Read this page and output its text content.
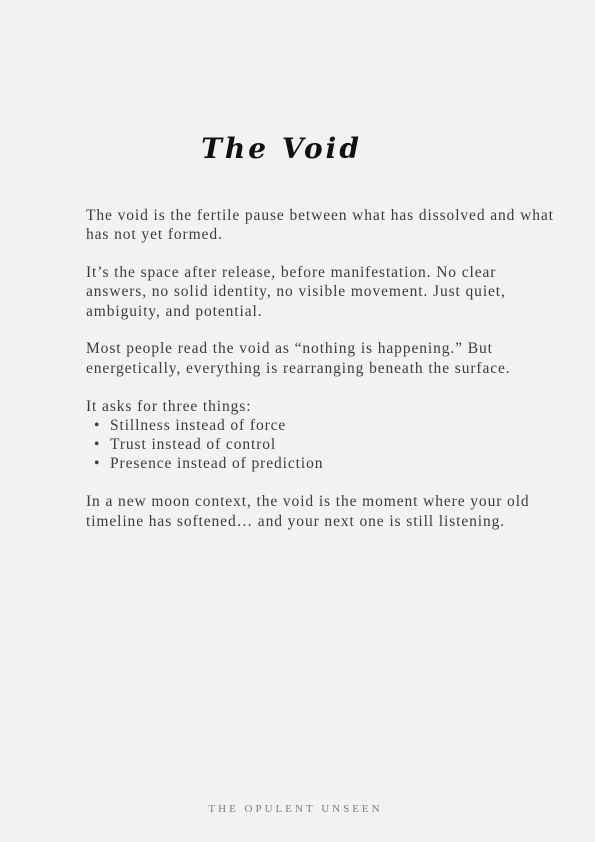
The Void

The void is the fertile pause between what has dissolved and what has not yet formed.

It’s the space after release, before manifestation. No clear answers, no solid identity, no visible movement. Just quiet, ambiguity, and potential.

Most people read the void as “nothing is happening.” But energetically, everything is rearranging beneath the surface.

It asks for three things:

• Stillness instead of force
• Trust instead of control
• Presence instead of prediction

In a new moon context, the void is the moment where your old timeline has softened… and your next one is still listening.

THE OPULENT UNSEEN
